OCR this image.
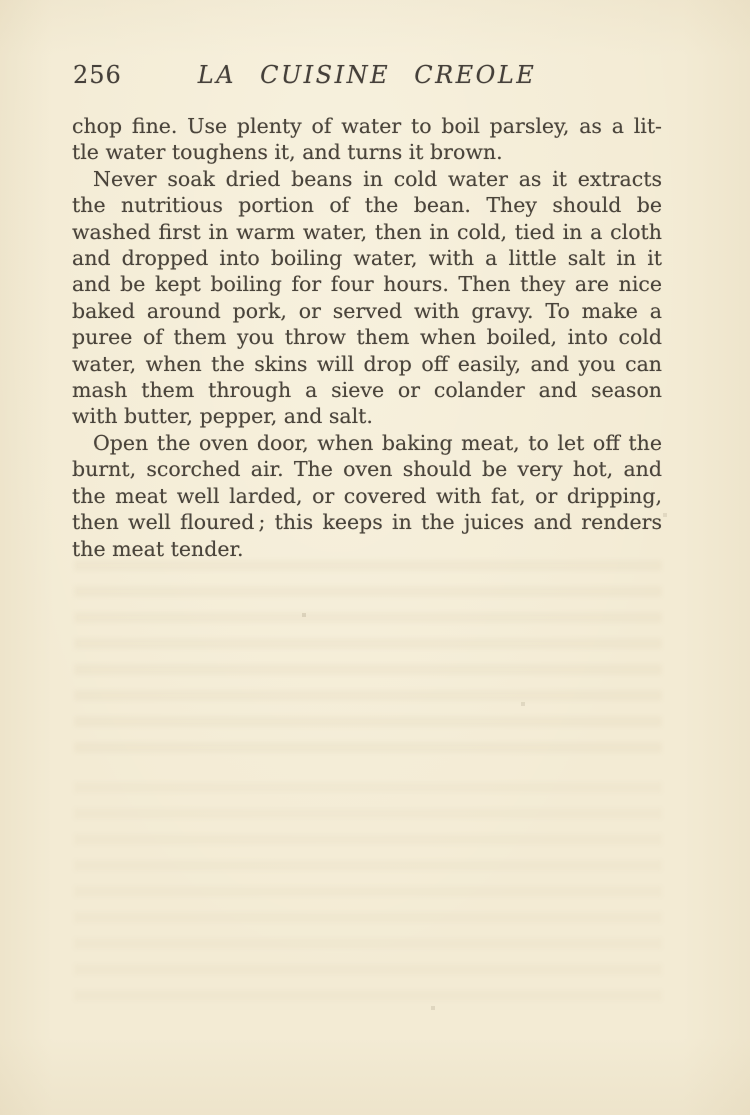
256	LA CUISINE CREOLE
chop fine. Use plenty of water to boil parsley, as a lit-
tle water toughens it, and turns it brown.
Never soak dried beans in cold water as it extracts
the nutritious portion of the bean. They should be
washed first in warm water, then in cold, tied in a cloth
and dropped into boiling water, with a little salt in it
and be kept boiling for four hours. Then they are nice
baked around pork, or served with gravy. To make a
puree of them you throw them when boiled, into cold
water, when the skins will drop off easily, and you can
mash them through a sieve or colander and season
with butter, pepper, and salt.
Open the oven door, when baking meat, to let off the
burnt, scorched air. The oven should be very hot, and
the meat well larded, or covered with fat, or dripping,
then well floured ; this keeps in the juices and renders
the meat tender.
